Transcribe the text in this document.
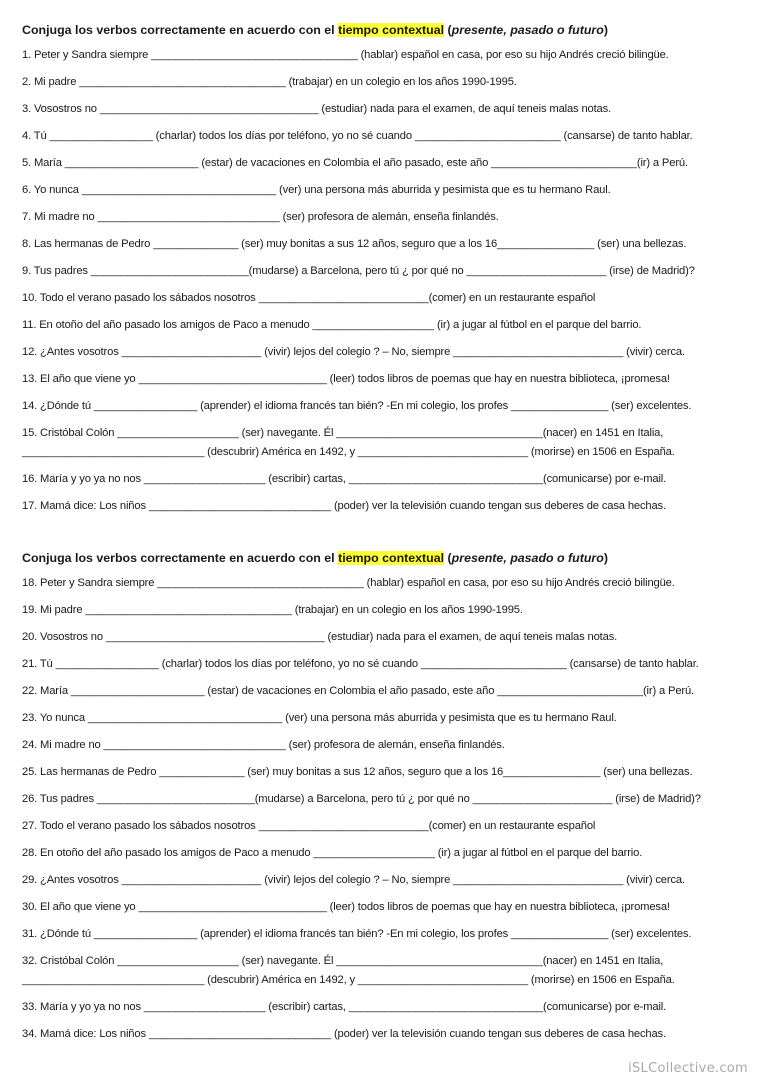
Conjuga los verbos correctamente en acuerdo con el tiempo contextual (presente, pasado o futuro)
1. Peter y Sandra siempre __________________________________ (hablar) español en casa, por eso su hijo Andrés creció bilingüe.
2. Mi padre __________________________________ (trabajar) en un colegio en los años 1990-1995.
3. Vosostros no ____________________________________ (estudiar) nada para el examen, de aquí teneis malas notas.
4. Tú _________________ (charlar) todos los días por teléfono, yo no sé cuando ________________________ (cansarse) de tanto hablar.
5. María ______________________ (estar) de vacaciones en Colombia el año pasado, este año ________________________(ir) a Perú.
6. Yo nunca ________________________________ (ver) una persona más aburrida y pesimista que es tu hermano Raul.
7. Mi madre no ______________________________ (ser) profesora de alemán, enseña finlandés.
8. Las hermanas de Pedro ______________ (ser) muy bonitas a sus 12 años, seguro que a los 16________________ (ser) una bellezas.
9. Tus padres __________________________(mudarse) a Barcelona, pero tú ¿ por qué no _______________________ (irse) de Madrid)?
10. Todo el verano pasado los sábados nosotros ____________________________(comer) en un restaurante español
11. En otoño del año pasado los amigos de Paco a menudo ____________________ (ir) a jugar al fútbol en el parque del barrio.
12. ¿Antes vosotros _______________________ (vivir) lejos del colegio ? – No, siempre ____________________________ (vivir) cerca.
13. El año que viene yo _______________________________ (leer) todos libros de poemas que hay en nuestra biblioteca, ¡promesa!
14. ¿Dónde tú _________________ (aprender) el idioma francés tan bién? -En mi colegio, los profes ________________ (ser) excelentes.
15. Cristóbal Colón ____________________ (ser) navegante. Él __________________________________(nacer) en 1451 en Italia, ______________________________ (descubrir) América en 1492, y ____________________________ (morirse) en 1506 en España.
16. María y yo ya no nos ____________________ (escribir) cartas, ________________________________(comunicarse) por e-mail.
17. Mamá dice: Los niños ______________________________ (poder) ver la televisión cuando tengan sus deberes de casa hechas.
Conjuga los verbos correctamente en acuerdo con el tiempo contextual (presente, pasado o futuro)
18. Peter y Sandra siempre __________________________________ (hablar) español en casa, por eso su hijo Andrés creció bilingüe.
19. Mi padre __________________________________ (trabajar) en un colegio en los años 1990-1995.
20. Vosostros no ____________________________________ (estudiar) nada para el examen, de aquí teneis malas notas.
21. Tú _________________ (charlar) todos los días por teléfono, yo no sé cuando ________________________ (cansarse) de tanto hablar.
22. María ______________________ (estar) de vacaciones en Colombia el año pasado, este año ________________________(ir) a Perú.
23. Yo nunca ________________________________ (ver) una persona más aburrida y pesimista que es tu hermano Raul.
24. Mi madre no ______________________________ (ser) profesora de alemán, enseña finlandés.
25. Las hermanas de Pedro ______________ (ser) muy bonitas a sus 12 años, seguro que a los 16________________ (ser) una bellezas.
26. Tus padres __________________________(mudarse) a Barcelona, pero tú ¿ por qué no _______________________ (irse) de Madrid)?
27. Todo el verano pasado los sábados nosotros ____________________________(comer) en un restaurante español
28. En otoño del año pasado los amigos de Paco a menudo ____________________ (ir) a jugar al fútbol en el parque del barrio.
29. ¿Antes vosotros _______________________ (vivir) lejos del colegio ? – No, siempre ____________________________ (vivir) cerca.
30. El año que viene yo _______________________________ (leer) todos libros de poemas que hay en nuestra biblioteca, ¡promesa!
31. ¿Dónde tú _________________ (aprender) el idioma francés tan bién? -En mi colegio, los profes ________________ (ser) excelentes.
32. Cristóbal Colón ____________________ (ser) navegante. Él __________________________________(nacer) en 1451 en Italia, ______________________________ (descubrir) América en 1492, y ____________________________ (morirse) en 1506 en España.
33. María y yo ya no nos ____________________ (escribir) cartas, ________________________________(comunicarse) por e-mail.
34. Mamá dice: Los niños ______________________________ (poder) ver la televisión cuando tengan sus deberes de casa hechas.
iSLCollective.com
